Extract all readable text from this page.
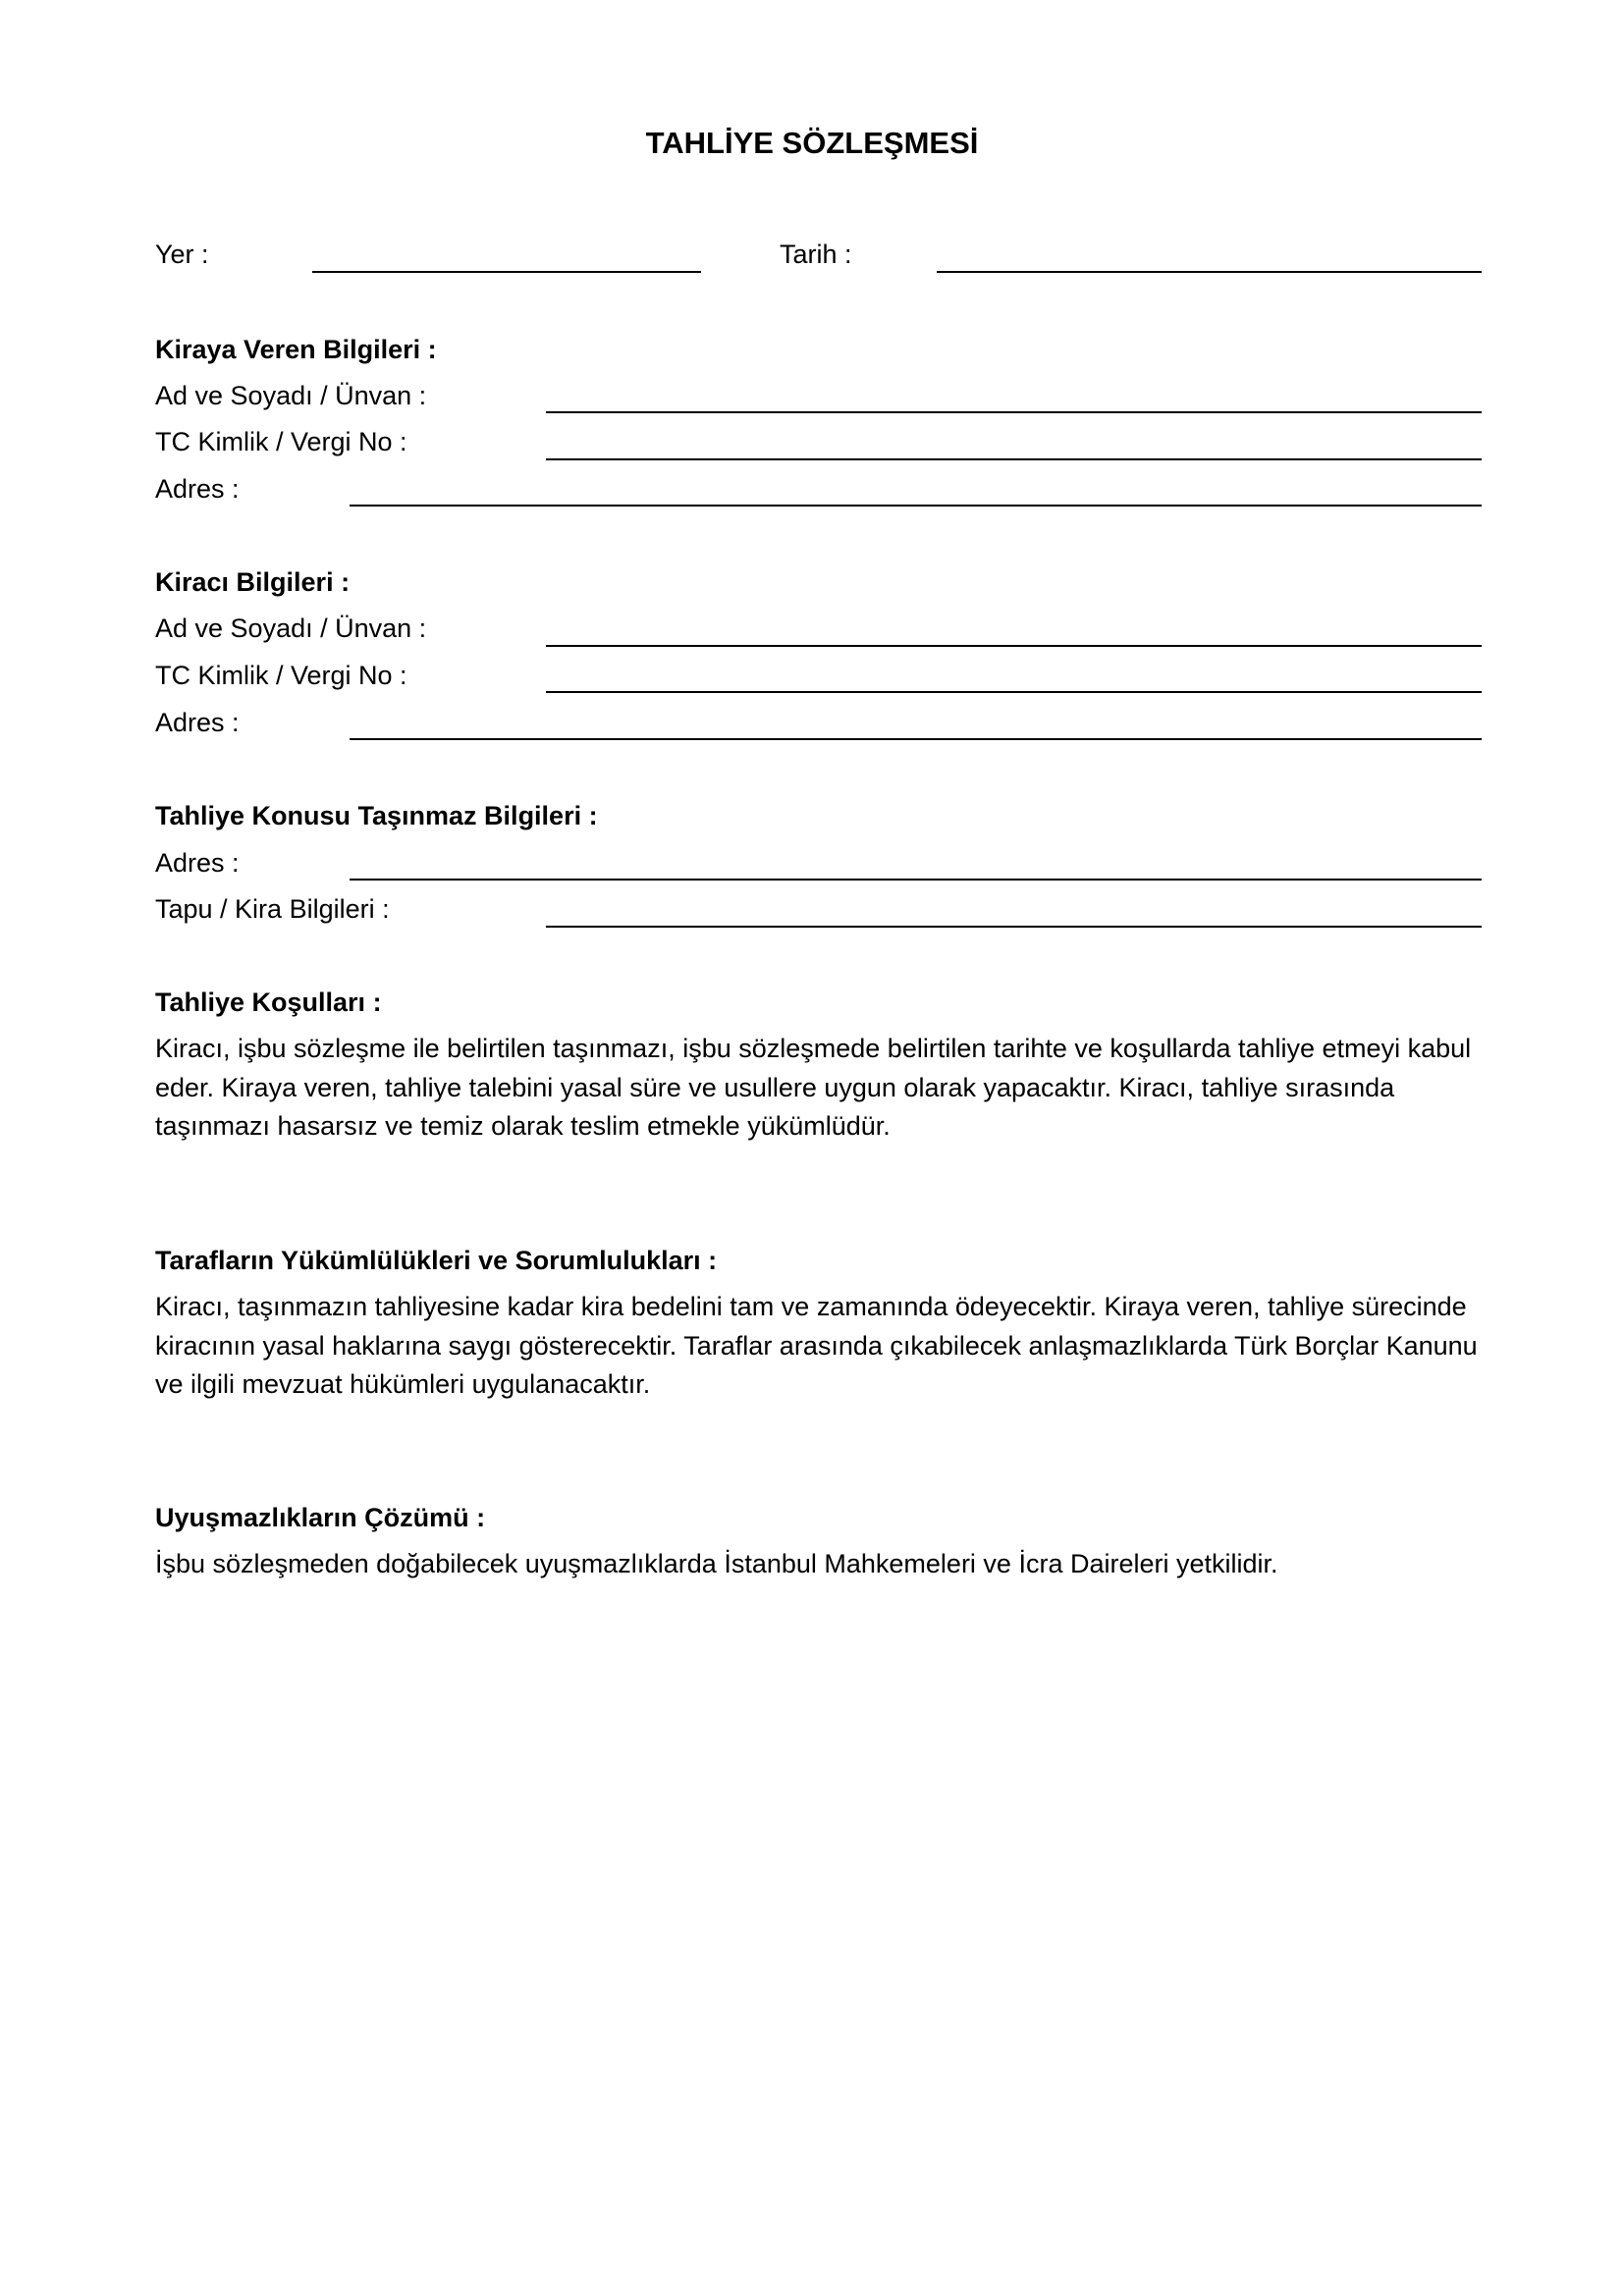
TAHLİYE SÖZLEŞMESİ
Yer :	Tarih :
Kiraya Veren Bilgileri :
Ad ve Soyadı / Ünvan :
TC Kimlik / Vergi No :
Adres :
Kiracı Bilgileri :
Ad ve Soyadı / Ünvan :
TC Kimlik / Vergi No :
Adres :
Tahliye Konusu Taşınmaz Bilgileri :
Adres :
Tapu / Kira Bilgileri :
Tahliye Koşulları :

Kiracı, işbu sözleşme ile belirtilen taşınmazı, işbu sözleşmede belirtilen tarihte ve koşullarda tahliye etmeyi kabul eder. Kiraya veren, tahliye talebini yasal süre ve usullere uygun olarak yapacaktır. Kiracı, tahliye sırasında taşınmazı hasarsız ve temiz olarak teslim etmekle yükümlüdür.

Tarafların Yükümlülükleri ve Sorumlulukları :

Kiracı, taşınmazın tahliyesine kadar kira bedelini tam ve zamanında ödeyecektir. Kiraya veren, tahliye sürecinde kiracının yasal haklarına saygı gösterecektir. Taraflar arasında çıkabilecek anlaşmazlıklarda Türk Borçlar Kanunu ve ilgili mevzuat hükümleri uygulanacaktır.

Uyuşmazlıkların Çözümü :

İşbu sözleşmeden doğabilecek uyuşmazlıklarda İstanbul Mahkemeleri ve İcra Daireleri yetkilidir.
